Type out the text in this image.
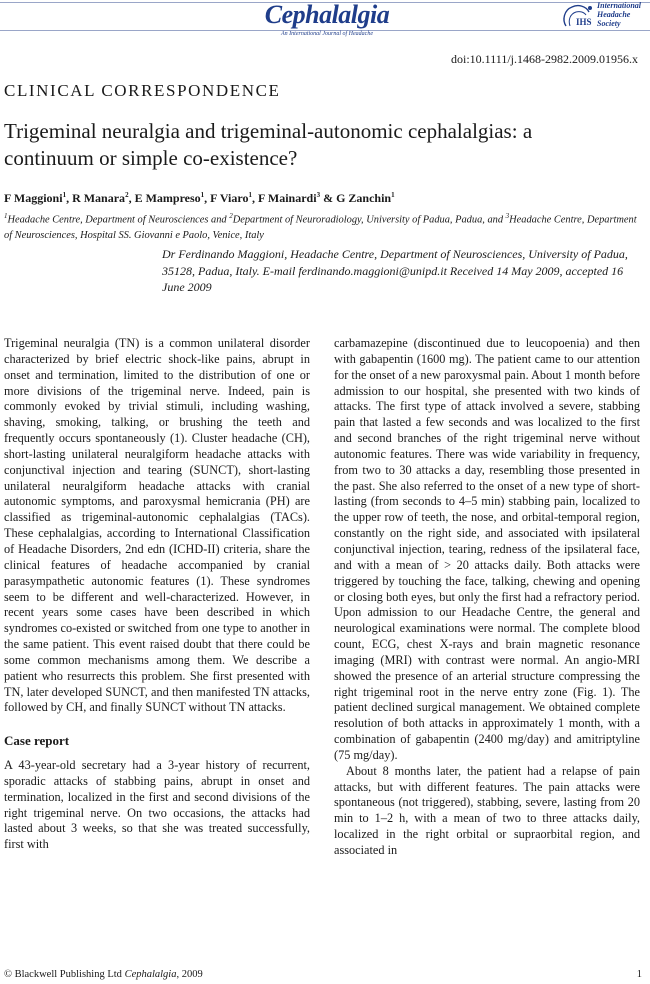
Cephalalgia
An International Journal of Headache
IHS
International
Headache
Society
doi:10.1111/j.1468-2982.2009.01956.x
CLINICAL CORRESPONDENCE
Trigeminal neuralgia and trigeminal-autonomic cephalalgias: a continuum or simple co-existence?
F Maggioni$^1$, R Manara$^2$, E Mampreso$^1$, F Viaro$^1$, F Mainardi$^3$ & G Zanchin$^1$
$^1$Headache Centre, Department of Neurosciences and $^2$Department of Neuroradiology, University of Padua, Padua, and $^3$Headache Centre, Department of Neurosciences, Hospital SS. Giovanni e Paolo, Venice, Italy
Dr Ferdinando Maggioni, Headache Centre, Department of Neurosciences, University of Padua, 35128, Padua, Italy. E-mail ferdinando.maggioni@unipd.it Received 14 May 2009, accepted 16 June 2009

Trigeminal neuralgia (TN) is a common unilateral disorder characterized by brief electric shock-like pains, abrupt in onset and termination, limited to the distribution of one or more divisions of the trigeminal nerve. Indeed, pain is commonly evoked by trivial stimuli, including washing, shaving, smoking, talking, or brushing the teeth and frequently occurs spontaneously (1). Cluster headache (CH), short-lasting unilateral neuralgiform headache attacks with conjunctival injection and tearing (SUNCT), short-lasting unilateral neuralgiform headache attacks with cranial autonomic symptoms, and paroxysmal hemicrania (PH) are classified as trigeminal-autonomic cephalalgias (TACs). These cephalalgias, according to International Classification of Headache Disorders, 2nd edn (ICHD-II) criteria, share the clinical features of headache accompanied by cranial parasympathetic autonomic features (1). These syndromes seem to be different and well-characterized. However, in recent years some cases have been described in which syndromes co-existed or switched from one type to another in the same patient. This event raised doubt that there could be some common mechanisms among them. We describe a patient who resurrects this problem. She first presented with TN, later developed SUNCT, and then manifested TN attacks, followed by CH, and finally SUNCT without TN attacks.

Case report

A 43-year-old secretary had a 3-year history of recurrent, sporadic attacks of stabbing pains, abrupt in onset and termination, localized in the first and second divisions of the right trigeminal nerve. On two occasions, the attacks had lasted about 3 weeks, so that she was treated successfully, first with

carbamazepine (discontinued due to leucopoenia) and then with gabapentin (1600 mg). The patient came to our attention for the onset of a new paroxysmal pain. About 1 month before admission to our hospital, she presented with two kinds of attacks. The first type of attack involved a severe, stabbing pain that lasted a few seconds and was localized to the first and second branches of the right trigeminal nerve without autonomic features. There was wide variability in frequency, from two to 30 attacks a day, resembling those presented in the past. She also referred to the onset of a new type of short-lasting (from seconds to 4–5 min) stabbing pain, localized to the upper row of teeth, the nose, and orbital-temporal region, constantly on the right side, and associated with ipsilateral conjunctival injection, tearing, redness of the ipsilateral face, and with a mean of > 20 attacks daily. Both attacks were triggered by touching the face, talking, chewing and opening or closing both eyes, but only the first had a refractory period. Upon admission to our Headache Centre, the general and neurological examinations were normal. The complete blood count, ECG, chest X-rays and brain magnetic resonance imaging (MRI) with contrast were normal. An angio-MRI showed the presence of an arterial structure compressing the right trigeminal root in the nerve entry zone (Fig. 1). The patient declined surgical management. We obtained complete resolution of both attacks in approximately 1 month, with a combination of gabapentin (2400 mg/day) and amitriptyline (75 mg/day).

About 8 months later, the patient had a relapse of pain attacks, but with different features. The pain attacks were spontaneous (not triggered), stabbing, severe, lasting from 20 min to 1–2 h, with a mean of two to three attacks daily, localized in the right orbital or supraorbital region, and associated in

© Blackwell Publishing Ltd Cephalalgia, 2009	1
